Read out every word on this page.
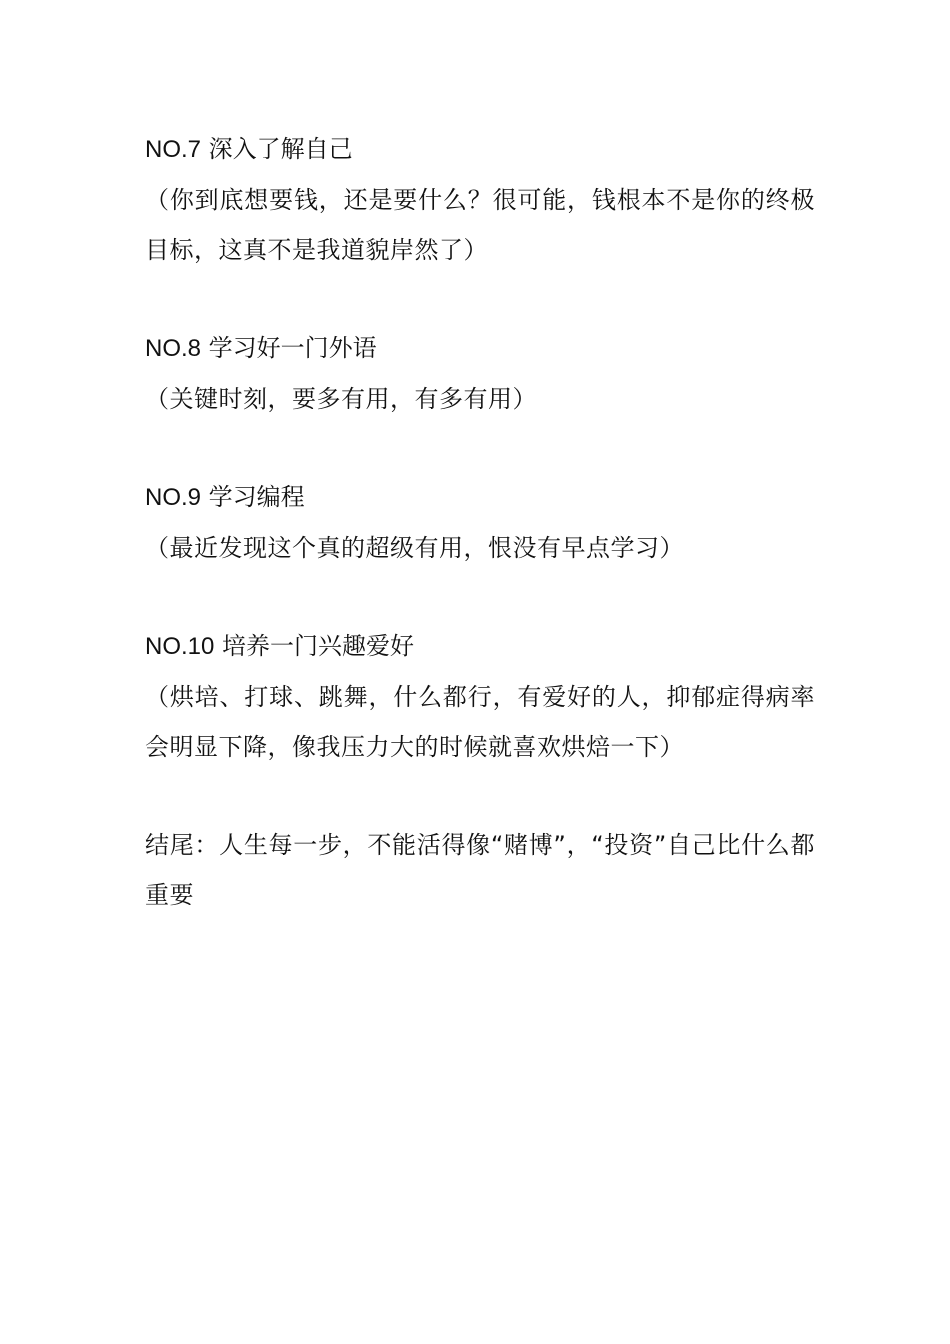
NO.7 深入了解自己
（你到底想要钱，还是要什么？很可能，钱根本不是你的终极目标，这真不是我道貌岸然了）
NO.8 学习好一门外语
（关键时刻，要多有用，有多有用）
NO.9 学习编程
（最近发现这个真的超级有用，恨没有早点学习）
NO.10 培养一门兴趣爱好
（烘培、打球、跳舞，什么都行，有爱好的人，抑郁症得病率会明显下降，像我压力大的时候就喜欢烘焙一下）
结尾：人生每一步，不能活得像“赌博”，“投资”自己比什么都重要
